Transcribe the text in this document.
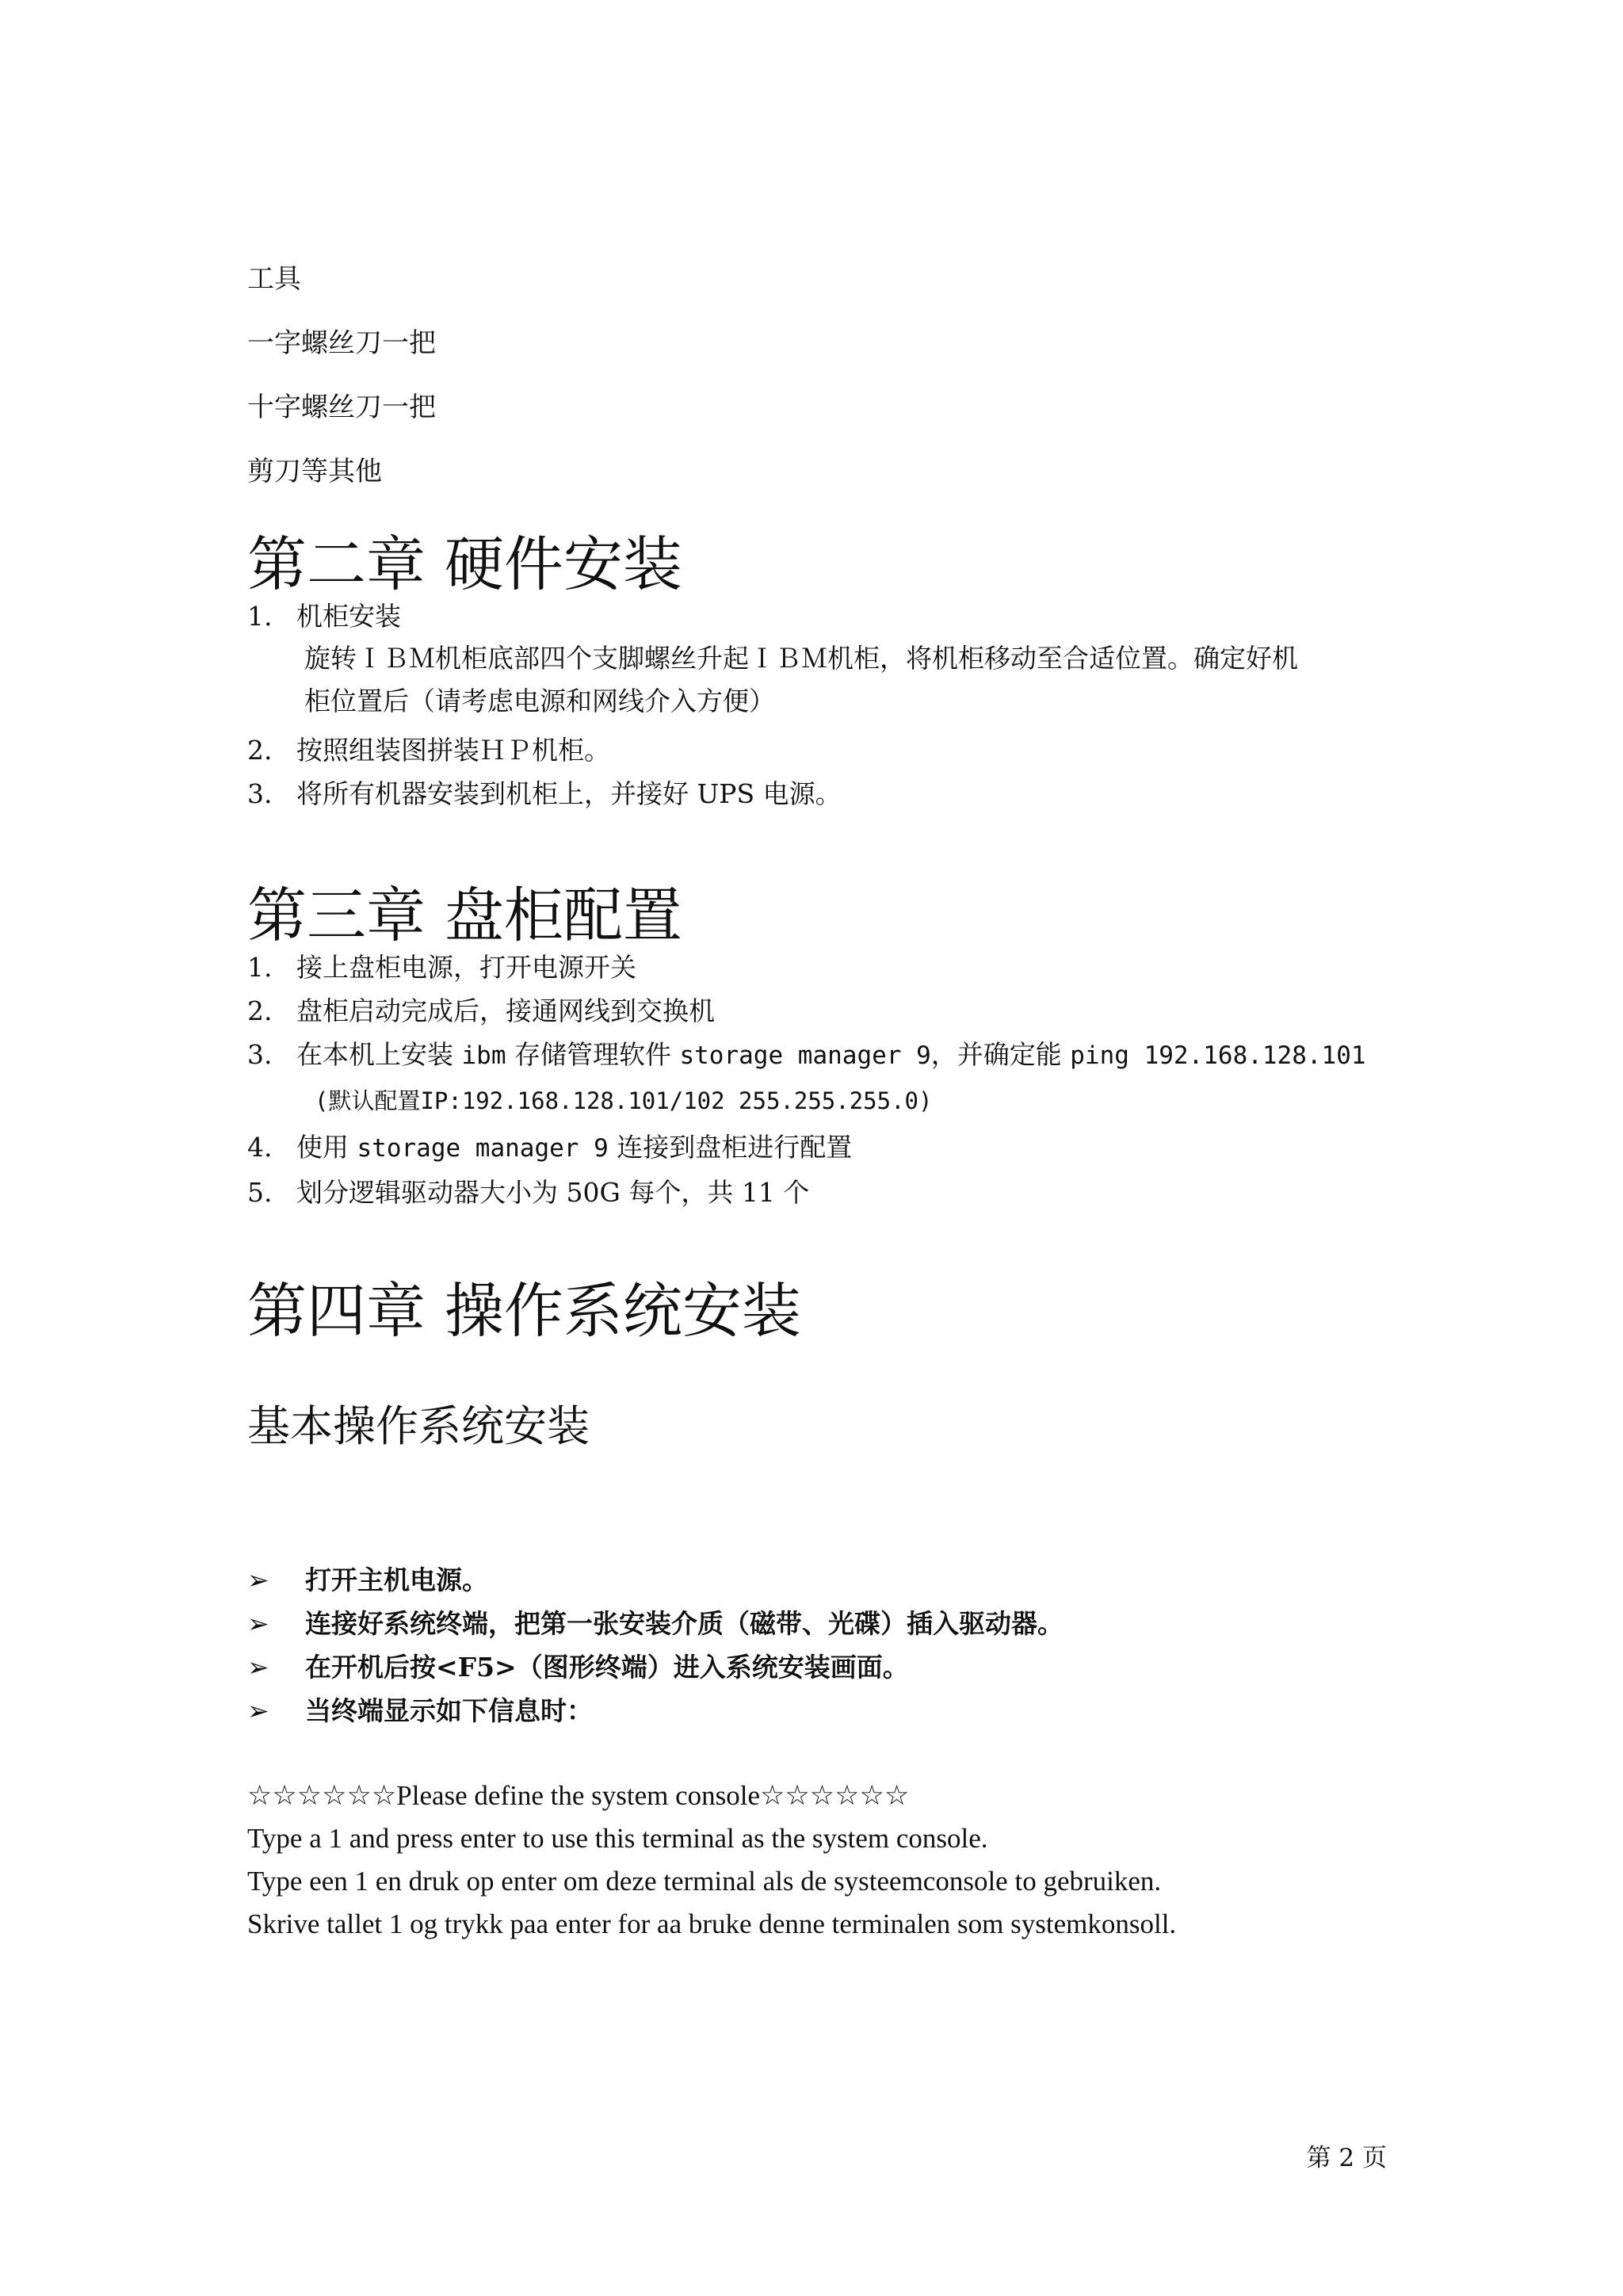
工具

一字螺丝刀一把

十字螺丝刀一把

剪刀等其他

第二章 硬件安装
1. 机柜安装
旋转ＩＢＭ机柜底部四个支脚螺丝升起ＩＢＭ机柜，将机柜移动至合适位置。确定好机
柜位置后（请考虑电源和网线介入方便）
2. 按照组装图拼装ＨＰ机柜。
3. 将所有机器安装到机柜上，并接好 UPS 电源。
第三章 盘柜配置
1. 接上盘柜电源，打开电源开关
2. 盘柜启动完成后，接通网线到交换机
3. 在本机上安装 ibm 存储管理软件 storage manager 9，并确定能 ping 192.168.128.101
(默认配置IP:192.168.128.101/102 255.255.255.0)
4. 使用 storage manager 9 连接到盘柜进行配置
5. 划分逻辑驱动器大小为 50G 每个，共 11 个
第四章 操作系统安装
基本操作系统安装
➢	打开主机电源。
➢	连接好系统终端，把第一张安装介质（磁带、光碟）插入驱动器。
➢	在开机后按<F5>（图形终端）进入系统安装画面。
➢	当终端显示如下信息时：

☆☆☆☆☆☆Please define the system console☆☆☆☆☆☆

Type a 1 and press enter to use this terminal as the system console.

Type een 1 en druk op enter om deze terminal als de systeemconsole to gebruiken.

Skrive tallet 1 og trykk paa enter for aa bruke denne terminalen som systemkonsoll.

第 2 页
